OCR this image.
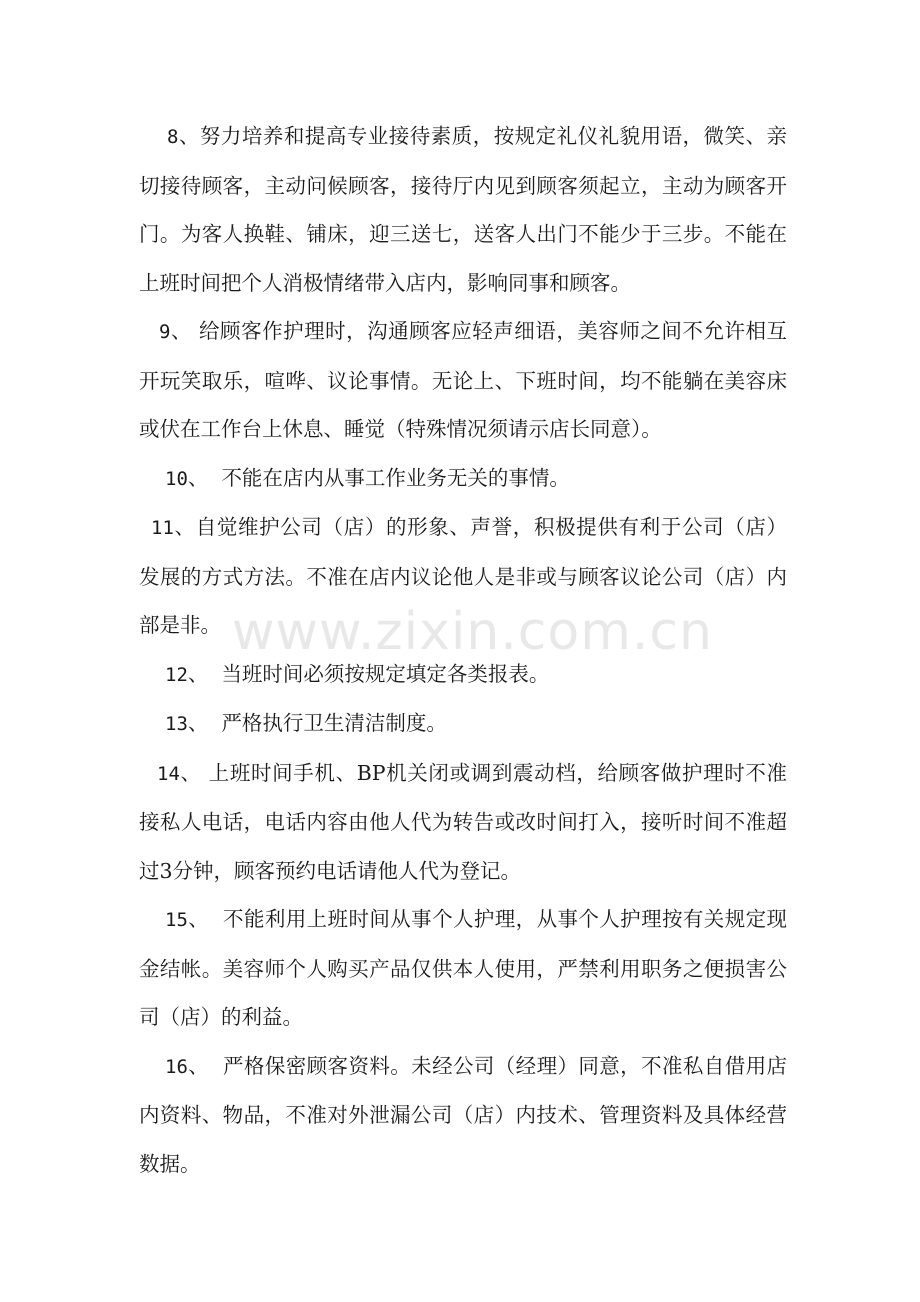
8、努力培养和提高专业接待素质，按规定礼仪礼貌用语，微笑、亲切接待顾客，主动问候顾客，接待厅内见到顾客须起立，主动为顾客开门。为客人换鞋、铺床，迎三送七，送客人出门不能少于三步。不能在上班时间把个人消极情绪带入店内，影响同事和顾客。

9、 给顾客作护理时，沟通顾客应轻声细语，美容师之间不允许相互开玩笑取乐，喧哗、议论事情。无论上、下班时间，均不能躺在美容床或伏在工作台上休息、睡觉（特殊情况须请示店长同意）。

10、  不能在店内从事工作业务无关的事情。

11、自觉维护公司（店）的形象、声誉，积极提供有利于公司（店）发展的方式方法。不准在店内议论他人是非或与顾客议论公司（店）内部是非。

12、  当班时间必须按规定填定各类报表。

13、  严格执行卫生清洁制度。

14、 上班时间手机、BP机关闭或调到震动档，给顾客做护理时不准接私人电话，电话内容由他人代为转告或改时间打入，接听时间不准超过3分钟，顾客预约电话请他人代为登记。

15、  不能利用上班时间从事个人护理，从事个人护理按有关规定现金结帐。美容师个人购买产品仅供本人使用，严禁利用职务之便损害公司（店）的利益。

16、  严格保密顾客资料。未经公司（经理）同意，不准私自借用店内资料、物品，不准对外泄漏公司（店）内技术、管理资料及具体经营数据。

www.zixin.com.cn
